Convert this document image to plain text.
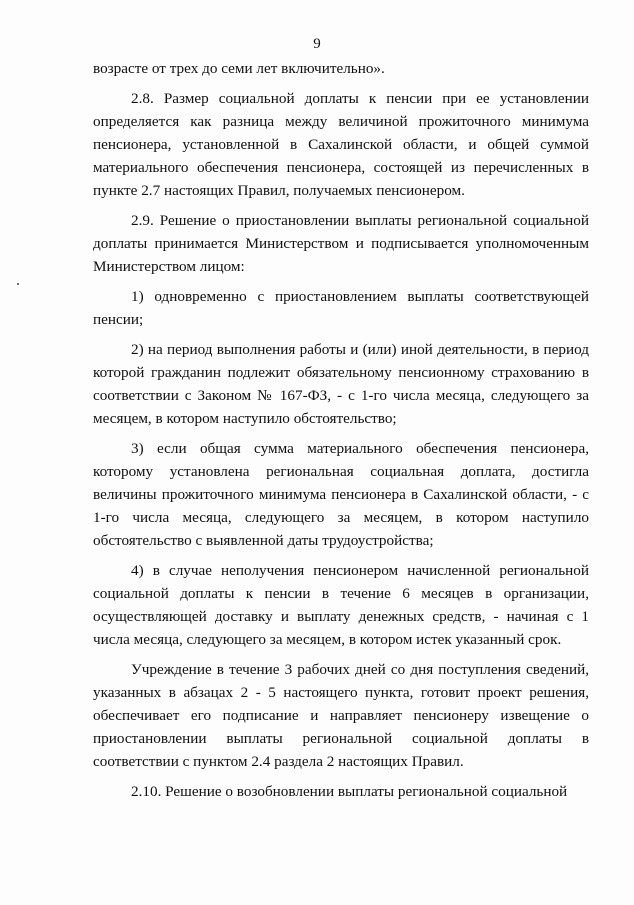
9

возрасте от трех до семи лет включительно».

2.8. Размер социальной доплаты к пенсии при ее установлении определяется как разница между величиной прожиточного минимума пенсионера, установленной в Сахалинской области, и общей суммой материального обеспечения пенсионера, состоящей из перечисленных в пункте 2.7 настоящих Правил, получаемых пенсионером.

2.9. Решение о приостановлении выплаты региональной социальной доплаты принимается Министерством и подписывается уполномоченным Министерством лицом:

1) одновременно с приостановлением выплаты соответствующей пенсии;

2) на период выполнения работы и (или) иной деятельности, в период которой гражданин подлежит обязательному пенсионному страхованию в соответствии с Законом № 167-ФЗ, - с 1-го числа месяца, следующего за месяцем, в котором наступило обстоятельство;

3) если общая сумма материального обеспечения пенсионера, которому установлена региональная социальная доплата, достигла величины прожиточного минимума пенсионера в Сахалинской области, - с 1-го числа месяца, следующего за месяцем, в котором наступило обстоятельство с выявленной даты трудоустройства;

4) в случае неполучения пенсионером начисленной региональной социальной доплаты к пенсии в течение 6 месяцев в организации, осуществляющей доставку и выплату денежных средств, - начиная с 1 числа месяца, следующего за месяцем, в котором истек указанный срок.

Учреждение в течение 3 рабочих дней со дня поступления сведений, указанных в абзацах 2 - 5 настоящего пункта, готовит проект решения, обеспечивает его подписание и направляет пенсионеру извещение о приостановлении выплаты региональной социальной доплаты в соответствии с пунктом 2.4 раздела 2 настоящих Правил.

2.10. Решение о возобновлении выплаты региональной социальной
